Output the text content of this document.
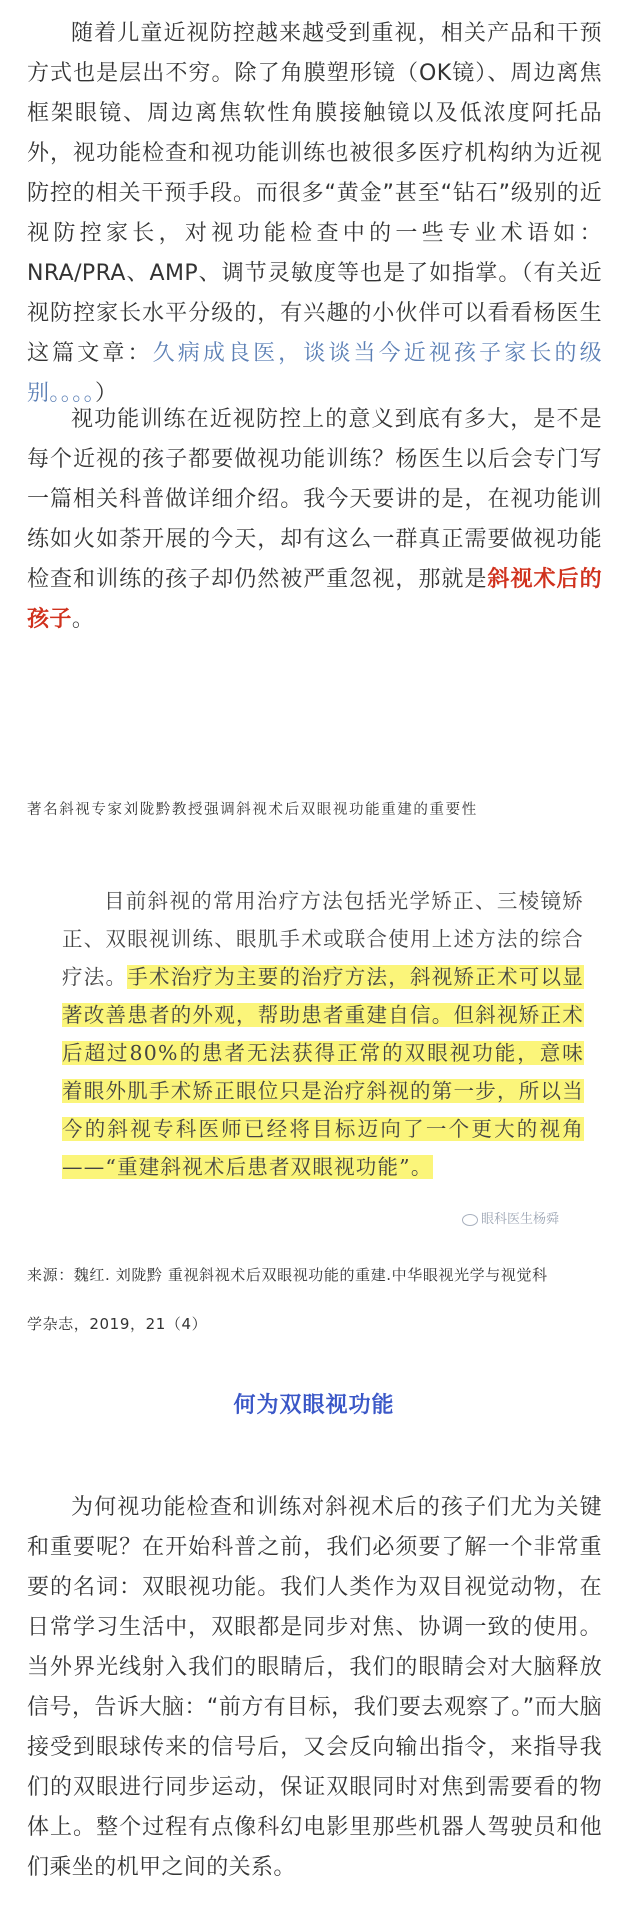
随着儿童近视防控越来越受到重视，相关产品和干预方式也是层出不穷。除了角膜塑形镜（OK镜）、周边离焦框架眼镜、周边离焦软性角膜接触镜以及低浓度阿托品外，视功能检查和视功能训练也被很多医疗机构纳为近视防控的相关干预手段。而很多“黄金”甚至“钻石”级别的近视防控家长，对视功能检查中的一些专业术语如：NRA/PRA、AMP、调节灵敏度等也是了如指掌。（有关近视防控家长水平分级的，有兴趣的小伙伴可以看看杨医生这篇文章：久病成良医，谈谈当今近视孩子家长的级别。。。。）

视功能训练在近视防控上的意义到底有多大，是不是每个近视的孩子都要做视功能训练？杨医生以后会专门写一篇相关科普做详细介绍。我今天要讲的是，在视功能训练如火如荼开展的今天，却有这么一群真正需要做视功能检查和训练的孩子却仍然被严重忽视，那就是斜视术后的孩子。

著名斜视专家刘陇黔教授强调斜视术后双眼视功能重建的重要性

目前斜视的常用治疗方法包括光学矫正、三棱镜矫正、双眼视训练、眼肌手术或联合使用上述方法的综合疗法。手术治疗为主要的治疗方法，斜视矫正术可以显著改善患者的外观，帮助患者重建自信。但斜视矫正术后超过80%的患者无法获得正常的双眼视功能，意味着眼外肌手术矫正眼位只是治疗斜视的第一步，所以当今的斜视专科医师已经将目标迈向了一个更大的视角——“重建斜视术后患者双眼视功能”。

眼科医生杨舜

来源：魏红. 刘陇黔 重视斜视术后双眼视功能的重建.中华眼视光学与视觉科

学杂志，2019，21（4）

何为双眼视功能

为何视功能检查和训练对斜视术后的孩子们尤为关键和重要呢？在开始科普之前，我们必须要了解一个非常重要的名词：双眼视功能。我们人类作为双目视觉动物，在日常学习生活中，双眼都是同步对焦、协调一致的使用。当外界光线射入我们的眼睛后，我们的眼睛会对大脑释放信号，告诉大脑：“前方有目标，我们要去观察了。”而大脑接受到眼球传来的信号后，又会反向输出指令，来指导我们的双眼进行同步运动，保证双眼同时对焦到需要看的物体上。整个过程有点像科幻电影里那些机器人驾驶员和他们乘坐的机甲之间的关系。
